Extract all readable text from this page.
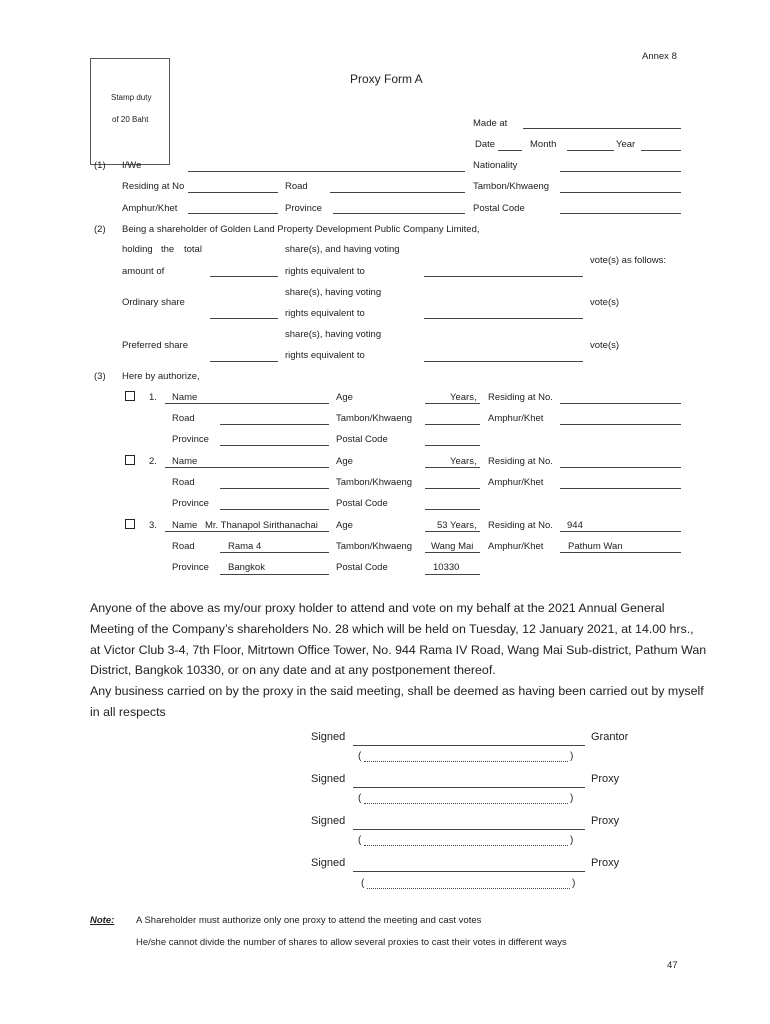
Annex 8
Proxy Form A
Stamp duty
of 20 Baht	Made at
Date	Month	Year
(1) I/We	Nationality
Residing at No	Road	Tambon/Khwaeng
Amphur/Khet	Province	Postal Code
(2) Being a shareholder of Golden Land Property Development Public Company Limited,
holding the total
amount of
share(s), and having voting
rights equivalent to
vote(s) as follows:
Ordinary share
share(s), having voting
rights equivalent to
vote(s)
Preferred share
share(s), having voting
rights equivalent to
vote(s)
(3) Here by authorize,
1. Name	Age	Years, Residing at No.
Road	Tambon/Khwaeng	Amphur/Khet
Province	Postal Code
2. Name	Age	Years, Residing at No.
Road	Tambon/Khwaeng	Amphur/Khet
Province	Postal Code
3. Name Mr. Thanapol Sirithanachai Age	53 Years, Residing at No. 944
Road	Rama 4	Tambon/Khwaeng Wang Mai Amphur/Khet	Pathum Wan
Province Bangkok	Postal Code	10330
Anyone of the above as my/our proxy holder to attend and vote on my behalf at the 2021 Annual General
Meeting of the Company’s shareholders No. 28 which will be held on Tuesday, 12 January 2021, at 14.00 hrs.,
at Victor Club 3-4, 7th Floor, Mitrtown Office Tower, No. 944 Rama IV Road, Wang Mai Sub-district, Pathum Wan
District, Bangkok 10330, or on any date and at any postponement thereof.
Any business carried on by the proxy in the said meeting, shall be deemed as having been carried out by myself
in all respects
Signed	Grantor
(	)
Signed	Proxy
(	)
Signed	Proxy
(	)
Signed	Proxy
(	)
Note: A Shareholder must authorize only one proxy to attend the meeting and cast votes
He/she cannot divide the number of shares to allow several proxies to cast their votes in different ways
47
